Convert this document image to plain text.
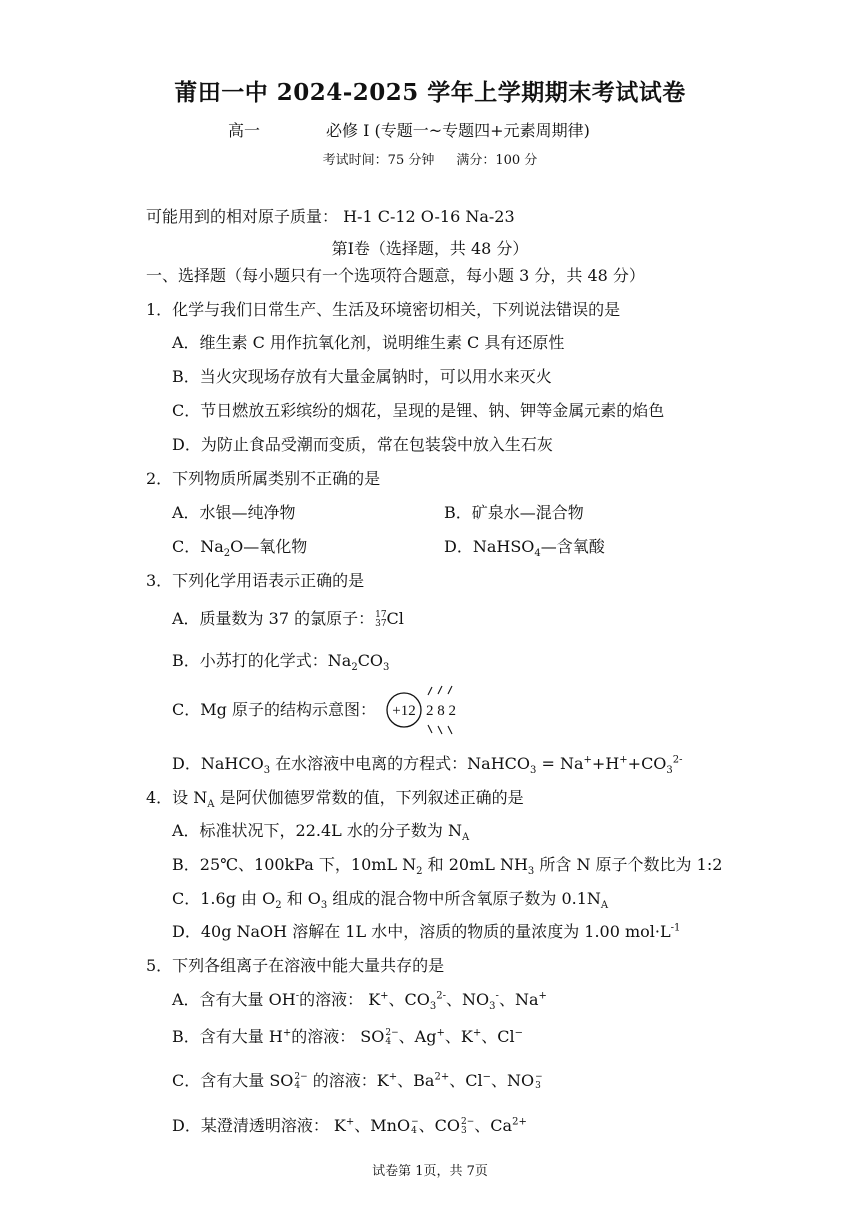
莆田一中 2024-2025 学年上学期期末考试试卷
高一	必修 I (专题一~专题四+元素周期律)
考试时间：75 分钟 满分：100 分
可能用到的相对原子质量： H-1 C-12 O-16 Na-23
第Ⅰ卷（选择题，共 48 分）
一、选择题（每小题只有一个选项符合题意，每小题 3 分，共 48 分）
1．化学与我们日常生产、生活及环境密切相关，下列说法错误的是
A．维生素 C 用作抗氧化剂，说明维生素 C 具有还原性
B．当火灾现场存放有大量金属钠时，可以用水来灭火
C．节日燃放五彩缤纷的烟花，呈现的是锂、钠、钾等金属元素的焰色
D．为防止食品受潮而变质，常在包装袋中放入生石灰
2．下列物质所属类别不正确的是
A．水银—纯净物	B．矿泉水—混合物
C．$Na_2O—$氧化物	D．NaHSO$_4$—含氧酸
3．下列化学用语表示正确的是
A．质量数为 37 的氯原子： 17
37 Cl
B．小苏打的化学式：$Na_2CO_3$
C．Mg 原子的结构示意图： +12 2 8 2
D．NaHCO$_3$ 在水溶液中电离的方程式：NaHCO$_3$ = $Na^++H^++CO_3^{2-}$
4．设 $N_A$ 是阿伏伽德罗常数的值，下列叙述正确的是
A．标准状况下，22.4L 水的分子数为 $N_A$
B．25℃、100kPa 下，10mL $N_2$ 和 20mL $NH_3$ 所含 N 原子个数比为 1:2
C．1.6g 由 $O_2$ 和 $O_3$ 组成的混合物中所含氧原子数为 $0.1N_A$
D．40g NaOH 溶解在 1L 水中，溶质的物质的量浓度为 1.00 $mol\cdot L^{-1}$
5．下列各组离子在溶液中能大量共存的是
A．含有大量 OH-的溶液： K+、$CO_3^{2-}$、$NO_3^-$、Na+
B．含有大量 H+的溶液： SO 2−
4 、Ag+、K+、Cl−
C．含有大量 SO 2−
4 的溶液：K+、$Ba^{2+}$、Cl−、NO −
3
D．某澄清透明溶液： K+、MnO −
4 、CO 2−
3 、$Ca^{2+}$
试卷第 1页，共 7页
